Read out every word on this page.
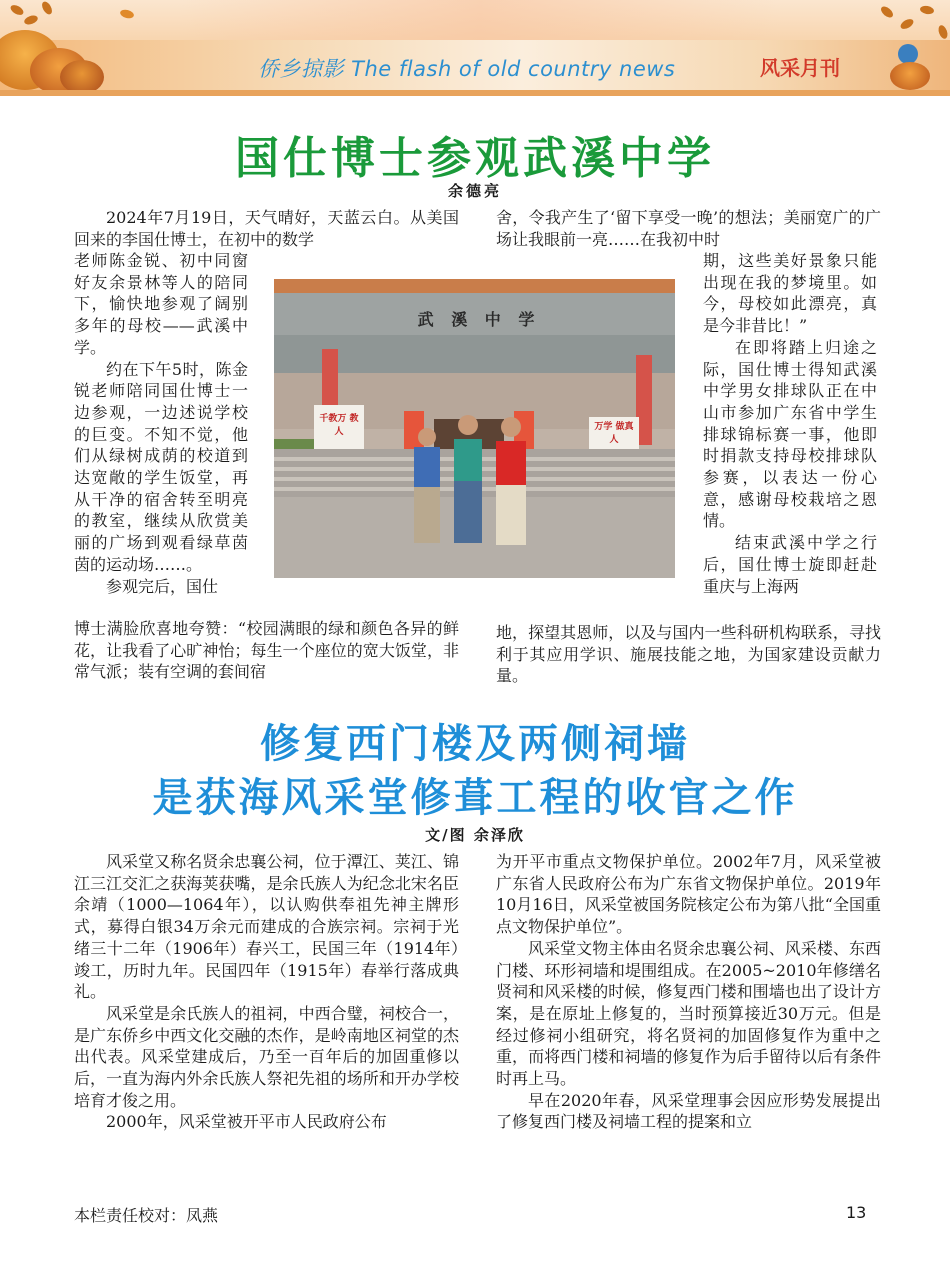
侨乡掠影 The flash of old country news	风采月刊
国仕博士参观武溪中学
余德亮

2024年7月19日，天气晴好，天蓝云白。从美国回来的李国仕博士，在初中的数学

老师陈金锐、初中同窗好友余景林等人的陪同下，愉快地参观了阔别多年的母校——武溪中学。

约在下午5时，陈金锐老师陪同国仕博士一边参观，一边述说学校的巨变。不知不觉，他们从绿树成荫的校道到达宽敞的学生饭堂，再从干净的宿舍转至明亮的教室，继续从欣赏美丽的广场到观看绿草茵茵的运动场……。

参观完后，国仕

博士满脸欣喜地夸赞：“校园满眼的绿和颜色各异的鲜花，让我看了心旷神怡；每生一个座位的宽大饭堂，非常气派；装有空调的套间宿

舍，令我产生了‘留下享受一晚’的想法；美丽宽广的广场让我眼前一亮……在我初中时

期，这些美好景象只能出现在我的梦境里。如今，母校如此漂亮，真是今非昔比！”

在即将踏上归途之际，国仕博士得知武溪中学男女排球队正在中山市参加广东省中学生排球锦标赛一事，他即时捐款支持母校排球队参赛，以表达一份心意，感谢母校栽培之恩情。

结束武溪中学之行后，国仕博士旋即赶赴重庆与上海两

地，探望其恩师，以及与国内一些科研机构联系，寻找利于其应用学识、施展技能之地，为国家建设贡献力量。

武 溪 中 学
千教万 教人	万学 做真人
修复西门楼及两侧祠墙
是获海风采堂修葺工程的收官之作
文/图 余泽欣

风采堂又称名贤余忠襄公祠，位于潭江、荚江、锦江三江交汇之获海荚获嘴，是余氏族人为纪念北宋名臣余靖（1000—1064年），以认购供奉祖先神主牌形式，募得白银34万余元而建成的合族宗祠。宗祠于光绪三十二年（1906年）春兴工，民国三年（1914年）竣工，历时九年。民国四年（1915年）春举行落成典礼。

风采堂是余氏族人的祖祠，中西合璧，祠校合一，是广东侨乡中西文化交融的杰作，是岭南地区祠堂的杰出代表。风采堂建成后，乃至一百年后的加固重修以后，一直为海内外余氏族人祭祀先祖的场所和开办学校培育才俊之用。

2000年，风采堂被开平市人民政府公布

为开平市重点文物保护单位。2002年7月，风采堂被广东省人民政府公布为广东省文物保护单位。2019年10月16日，风采堂被国务院核定公布为第八批“全国重点文物保护单位”。

风采堂文物主体由名贤余忠襄公祠、风采楼、东西门楼、环形祠墙和堤围组成。在2005~2010年修缮名贤祠和风采楼的时候，修复西门楼和围墙也出了设计方案，是在原址上修复的，当时预算接近30万元。但是经过修祠小组研究，将名贤祠的加固修复作为重中之重，而将西门楼和祠墙的修复作为后手留待以后有条件时再上马。

早在2020年春，风采堂理事会因应形势发展提出了修复西门楼及祠墙工程的提案和立

本栏责任校对：凤燕	13
